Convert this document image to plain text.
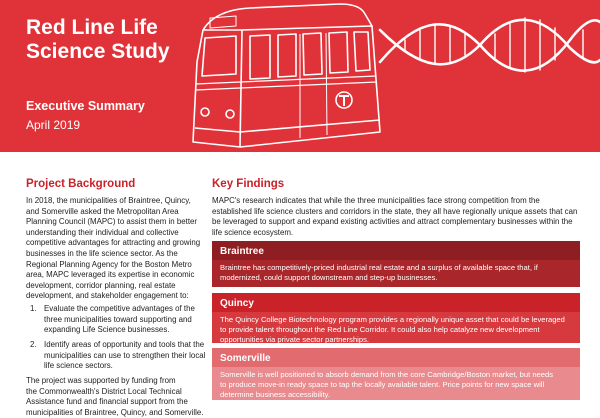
Red Line Life
Science Study
Executive Summary
April 2019
Project Background
In 2018, the municipalities of Braintree, Quincy,
and Somerville asked the Metropolitan Area
Planning Council (MAPC) to assist them in better
understanding their individual and collective
competitive advantages for attracting and growing
businesses in the life science sector. As the
Regional Planning Agency for the Boston Metro
area, MAPC leveraged its expertise in economic
development, corridor planning, real estate
development, and stakeholder engagement to:
1. Evaluate the competitive advantages of the
three municipalities toward supporting and
expanding Life Science businesses.
2. Identify areas of opportunity and tools that the
municipalities can use to strengthen their local
life science sectors.
The project was supported by funding from
the Commonwealth's District Local Technical
Assistance fund and financial support from the
municipalities of Braintree, Quincy, and Somerville.
Key Findings
MAPC's research indicates that while the three municipalities face strong competition from the
established life science clusters and corridors in the state, they all have regionally unique assets that can
be leveraged to support and expand existing activities and attract complementary businesses within the
life science ecosystem.
Braintree
Braintree has competitively-priced industrial real estate and a surplus of available space that, if
modernized, could support downstream and step-up businesses.
Quincy
The Quincy College Biotechnology program provides a regionally unique asset that could be leveraged
to provide talent throughout the Red Line Corridor. It could also help catalyze new development
opportunities via private sector partnerships.
Somerville
Somerville is well positioned to absorb demand from the core Cambridge/Boston market, but needs
to produce move-in ready space to tap the locally available talent. Price points for new space will
determine business accessibility.
